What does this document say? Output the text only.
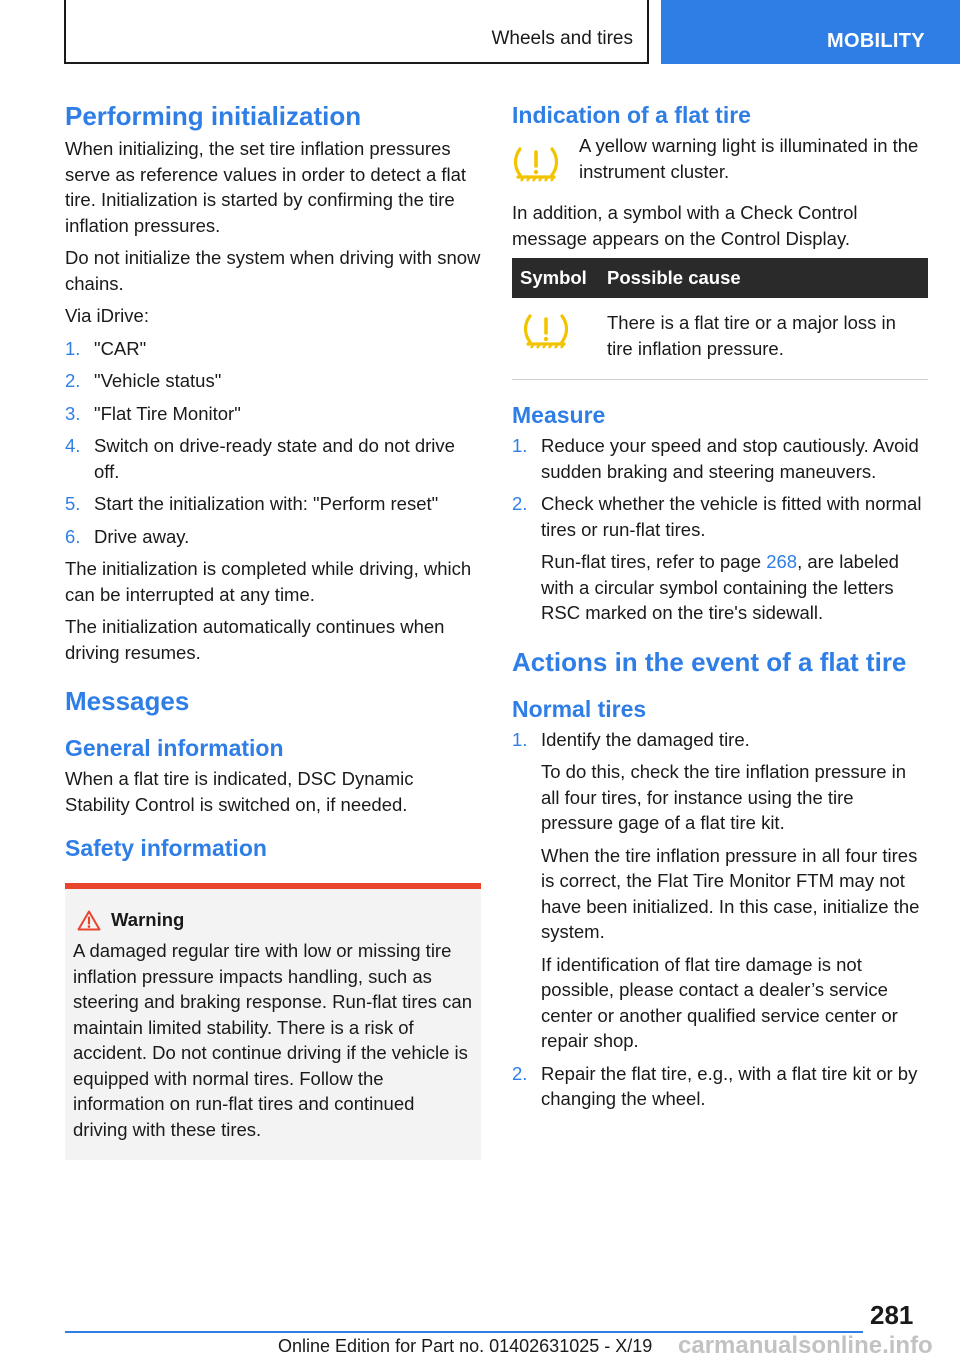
Wheels and tires	MOBILITY
Performing initialization

When initializing, the set tire inflation pressures serve as reference values in order to detect a flat tire. Initialization is started by confirming the tire inflation pressures.

Do not initialize the system when driving with snow chains.

Via iDrive:

1. "CAR"
2. "Vehicle status"
3. "Flat Tire Monitor"
4. Switch on drive-ready state and do not drive off.
5. Start the initialization with: "Perform reset"
6. Drive away.

The initialization is completed while driving, which can be interrupted at any time.

The initialization automatically continues when driving resumes.

Messages
General information

When a flat tire is indicated, DSC Dynamic Stability Control is switched on, if needed.

Safety information
Warning

A damaged regular tire with low or missing tire inflation pressure impacts handling, such as steering and braking response. Run-flat tires can maintain limited stability. There is a risk of accident. Do not continue driving if the vehicle is equipped with normal tires. Follow the information on run-flat tires and continued driving with these tires.

Indication of a flat tire
A yellow warning light is illuminated in the instrument cluster.

In addition, a symbol with a Check Control message appears on the Control Display.

Symbol	Possible cause
	There is a flat tire or a major loss in tire inflation pressure.
Measure
1. Reduce your speed and stop cautiously. Avoid sudden braking and steering maneuvers.
2. Check whether the vehicle is fitted with normal tires or run-flat tires.

Run-flat tires, refer to page 268, are labeled with a circular symbol containing the letters RSC marked on the tire's sidewall.

Actions in the event of a flat tire
Normal tires
1. Identify the damaged tire.

To do this, check the tire inflation pressure in all four tires, for instance using the tire pressure gage of a flat tire kit.

When the tire inflation pressure in all four tires is correct, the Flat Tire Monitor FTM may not have been initialized. In this case, initialize the system.

If identification of flat tire damage is not possible, please contact a dealer’s service center or another qualified service center or repair shop.

2. Repair the flat tire, e.g., with a flat tire kit or by changing the wheel.
281
Online Edition for Part no. 01402631025 - X/19 carmanualsonline.info
